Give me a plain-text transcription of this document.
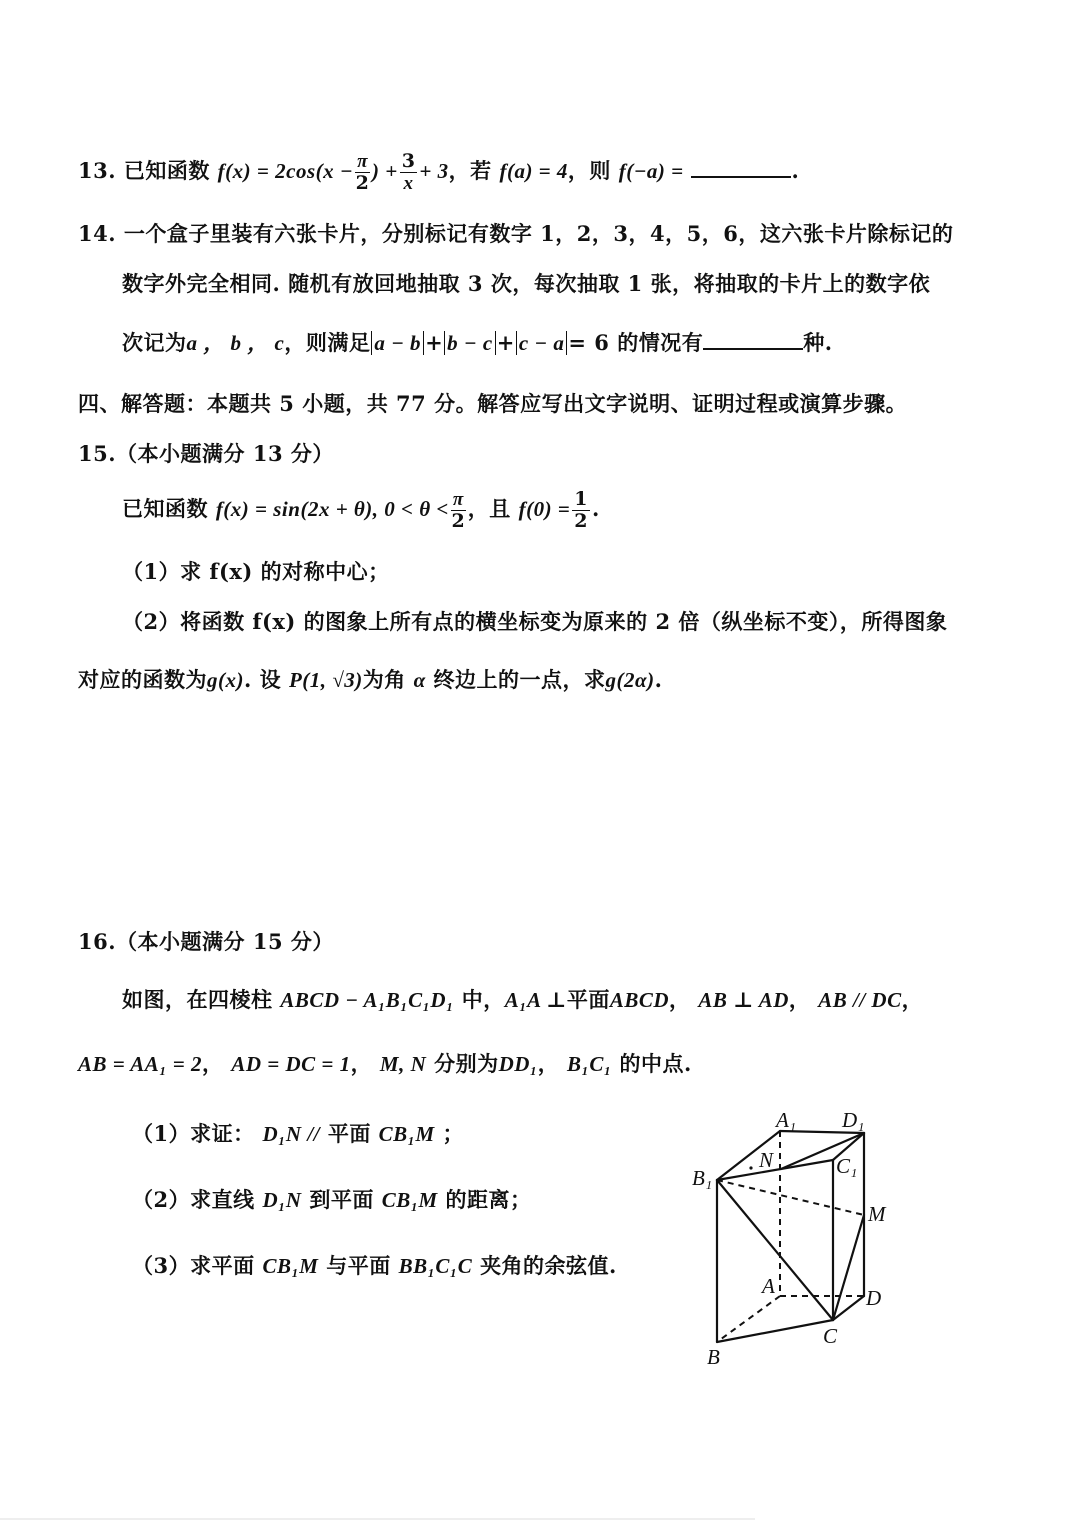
13. 已知函数 $f(x) = 2\cos(x - \frac{\pi}{2}$ ) + $\frac{3}{x} + 3$，若 f(a) = 4，则 f(−a) =	.
14. 一个盒子里装有六张卡片，分别标记有数字 1，2，3，4，5，6，这六张卡片除标记的
数字外完全相同. 随机有放回地抽取 3 次，每次抽取 1 张，将抽取的卡片上的数字依
次记为a ， b ， c，则满足 a − b + b − c + c − a = 6 的情况有	种.
四、解答题：本题共 5 小题，共 77 分。解答应写出文字说明、证明过程或演算步骤。
15.（本小题满分 13 分）
已知函数 f(x) = sin(2x + θ), $0 < \theta < \frac{\pi}{2}$ ，且 $f(0) = \frac{1}{2}$ .
（1）求 f(x) 的对称中心；
（2）将函数 f(x) 的图象上所有点的横坐标变为原来的 2 倍（纵坐标不变），所得图象
对应的函数为g(x). 设 P(1, √3)为角 α 终边上的一点，求g(2α).
16.（本小题满分 15 分）
如图，在四棱柱 ABCD − A₁B₁C₁D₁ 中，A₁A ⊥平面ABCD， AB ⊥ AD， AB // DC，
AB = AA₁ = 2， AD = DC = 1， M, N 分别为DD₁， B₁C₁ 的中点.
（1）求证： D₁N // 平面 CB₁M ；
（2）求直线 D₁N 到平面 CB₁M 的距离；
（3）求平面 CB₁M 与平面 BB₁C₁C 夹角的余弦值.
A₁ D₁
B₁	C₁
N
M
A	D
C
B
